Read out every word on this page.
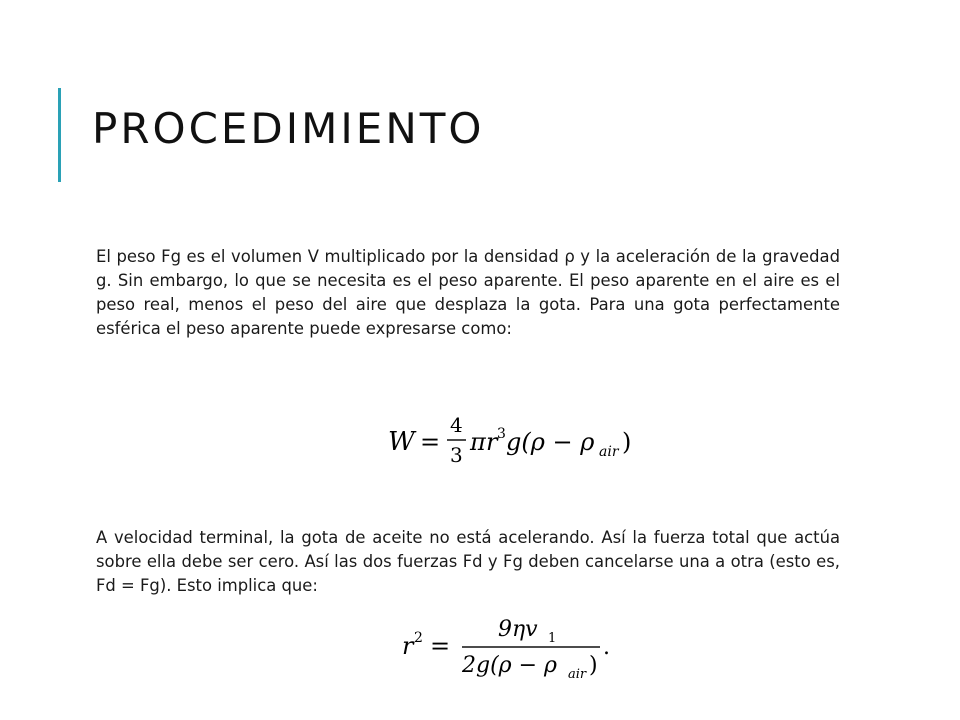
PROCEDIMIENTO

El peso Fg es el volumen V multiplicado por la densidad ρ y la aceleración de la gravedad g. Sin embargo, lo que se necesita es el peso aparente. El peso aparente en el aire es el peso real, menos el peso del aire que desplaza la gota. Para una gota perfectamente esférica el peso aparente puede expresarse como:

W =
4
3 π r 3 g(ρ − ρ air )

A velocidad terminal, la gota de aceite no está acelerando. Así la fuerza total que actúa sobre ella debe ser cero. Así las dos fuerzas Fd y Fg deben cancelarse una a otra (esto es, Fd = Fg). Esto implica que:

r 2 =
9ηv 1
2g(ρ − ρ air )
.
